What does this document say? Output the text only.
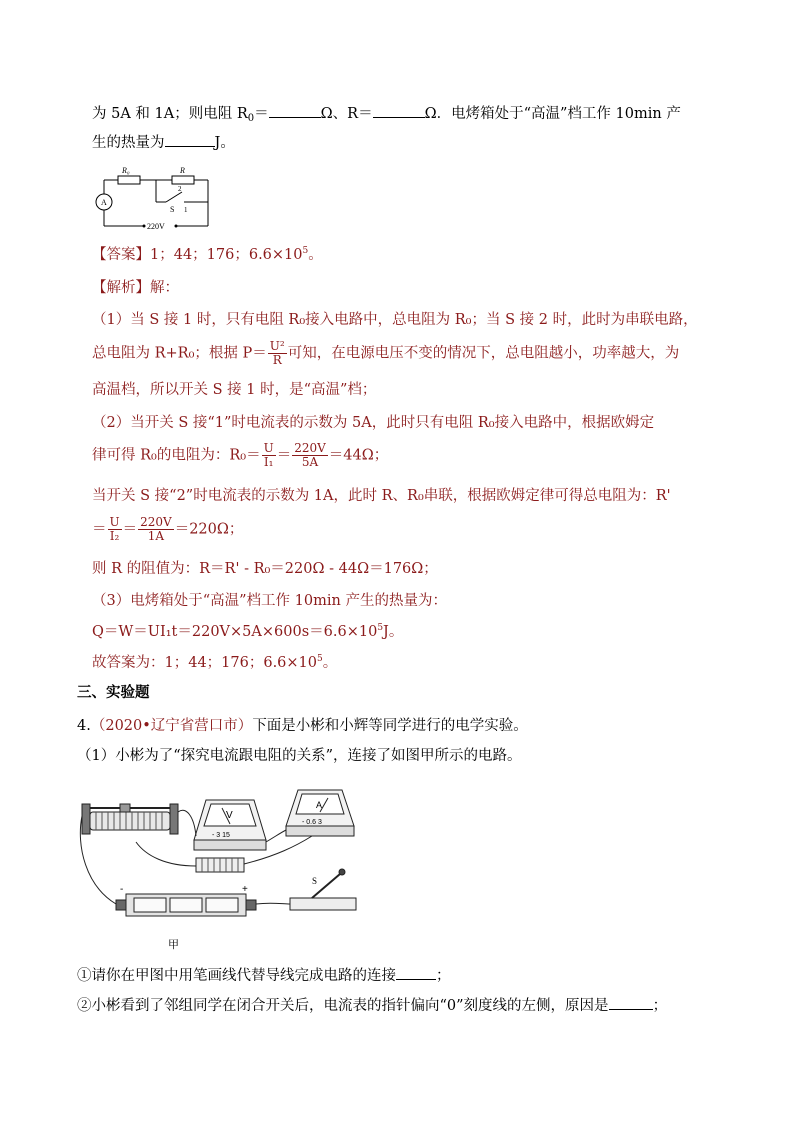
为 5A 和 1A；则电阻 $R_0=$	Ω、R＝	Ω．电烤箱处于“高温”档工作 10min 产
生的热量为	J。
R₀	R
A
2
S 1
220V
【答案】1；44；176；$6.6\times 10^5$。
【解析】解：
（1）当 S 接 1 时，只有电阻 R₀接入电路中，总电阻为 R₀；当 S 接 2 时，此时为串联电路，
总电阻为 R+R₀；根据 $P= \frac{\text{U²}}{R}$ 可知，在电源电压不变的情况下，总电阻越小，功率越大，为
高温档，所以开关 S 接 1 时，是“高温”档；
（2）当开关 S 接“1”时电流表的示数为 5A，此时只有电阻 R₀接入电路中，根据欧姆定
律可得 R₀的电阻为：$R_0= \frac{U}{\text{I₁}} = \frac{220V}{5A} =44\Omega$；
当开关 S 接“2”时电流表的示数为 1A，此时 R、R₀串联，根据欧姆定律可得总电阻为：R'
＝ $\frac{U}{\text{I₂}} = \frac{220V}{1A} =220\Omega$；
则 R 的阻值为：R＝R' - R₀＝220Ω - 44Ω＝176Ω；
（3）电烤箱处于“高温”档工作 10min 产生的热量为：
$Q=W=UI_1t=220V\times 5A\times 600s=6.6\times 10^5J$。
故答案为：1；44；176；$6.6\times 10^5$。
三、实验题
4.（2020•辽宁省营口市）下面是小彬和小辉等同学进行的电学实验。
（1）小彬为了“探究电流跟电阻的关系”，连接了如图甲所示的电路。
V
- 3 15
A
- 0.6 3
S
-	+
甲
①请你在甲图中用笔画线代替导线完成电路的连接	；
②小彬看到了邻组同学在闭合开关后，电流表的指针偏向“0”刻度线的左侧，原因是	；
